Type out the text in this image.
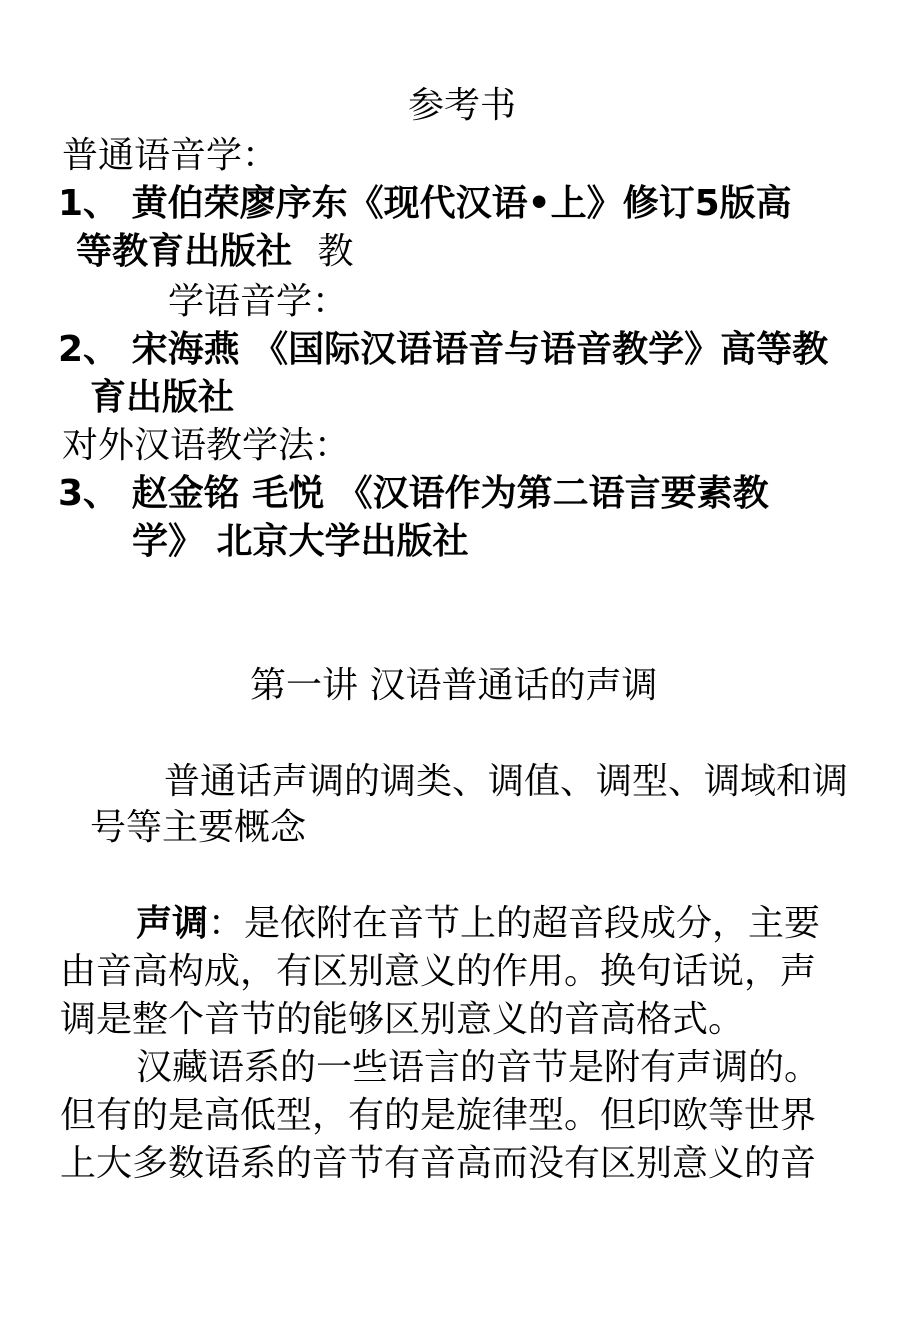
参考书
普通语音学：
1、 黄伯荣廖序东《现代汉语•上》修订5版高
等教育出版社 教
学语音学：
2、 宋海燕 《国际汉语语音与语音教学》高等教
育出版社
对外汉语教学法：
3、 赵金铭 毛悦 《汉语作为第二语言要素教
学》 北京大学出版社
第一讲 汉语普通话的声调
普通话声调的调类、调值、调型、调域和调
号等主要概念
声调：是依附在音节上的超音段成分，主要
由音高构成，有区别意义的作用。换句话说，声
调是整个音节的能够区别意义的音高格式。
汉藏语系的一些语言的音节是附有声调的。
但有的是高低型，有的是旋律型。但印欧等世界
上大多数语系的音节有音高而没有区别意义的音
